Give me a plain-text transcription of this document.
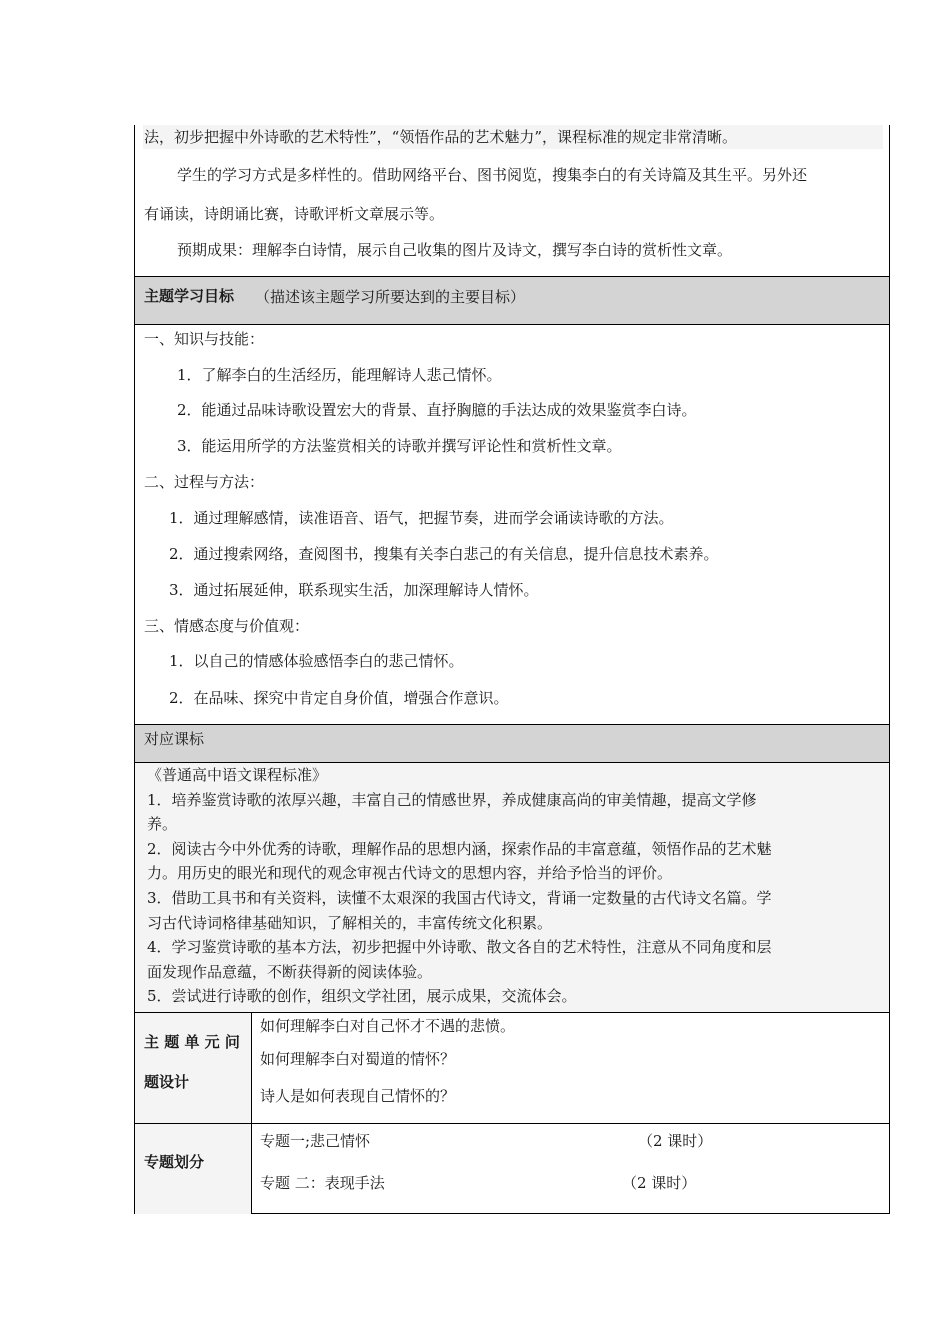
法，初步把握中外诗歌的艺术特性”，“领悟作品的艺术魅力”，课程标准的规定非常清晰。
学生的学习方式是多样性的。借助网络平台、图书阅览，搜集李白的有关诗篇及其生平。另外还
有诵读，诗朗诵比赛，诗歌评析文章展示等。
预期成果：理解李白诗情，展示自己收集的图片及诗文，撰写李白诗的赏析性文章。
主题学习目标 （描述该主题学习所要达到的主要目标）
一、知识与技能：
1．了解李白的生活经历，能理解诗人悲己情怀。
2．能通过品味诗歌设置宏大的背景、直抒胸臆的手法达成的效果鉴赏李白诗。
3．能运用所学的方法鉴赏相关的诗歌并撰写评论性和赏析性文章。
二、过程与方法：
1．通过理解感情，读准语音、语气，把握节奏，进而学会诵读诗歌的方法。
2．通过搜索网络，查阅图书，搜集有关李白悲己的有关信息，提升信息技术素养。
3．通过拓展延伸，联系现实生活，加深理解诗人情怀。
三、情感态度与价值观：
1．以自己的情感体验感悟李白的悲己情怀。
2．在品味、探究中肯定自身价值，增强合作意识。
对应课标
《普通高中语文课程标准》
1．培养鉴赏诗歌的浓厚兴趣，丰富自己的情感世界，养成健康高尚的审美情趣，提高文学修
养。
2．阅读古今中外优秀的诗歌，理解作品的思想内涵，探索作品的丰富意蕴，领悟作品的艺术魅
力。用历史的眼光和现代的观念审视古代诗文的思想内容，并给予恰当的评价。
3．借助工具书和有关资料，读懂不太艰深的我国古代诗文，背诵一定数量的古代诗文名篇。学
习古代诗词格律基础知识，了解相关的，丰富传统文化积累。
4．学习鉴赏诗歌的基本方法，初步把握中外诗歌、散文各自的艺术特性，注意从不同角度和层
面发现作品意蕴，不断获得新的阅读体验。
5．尝试进行诗歌的创作，组织文学社团，展示成果，交流体会。
主 题 单 元 问
题设计
如何理解李白对自己怀才不遇的悲愤。
如何理解李白对蜀道的情怀？
诗人是如何表现自己情怀的？
专题划分
专题一;悲己情怀	（2 课时）
专题 二：表现手法	（2 课时）
